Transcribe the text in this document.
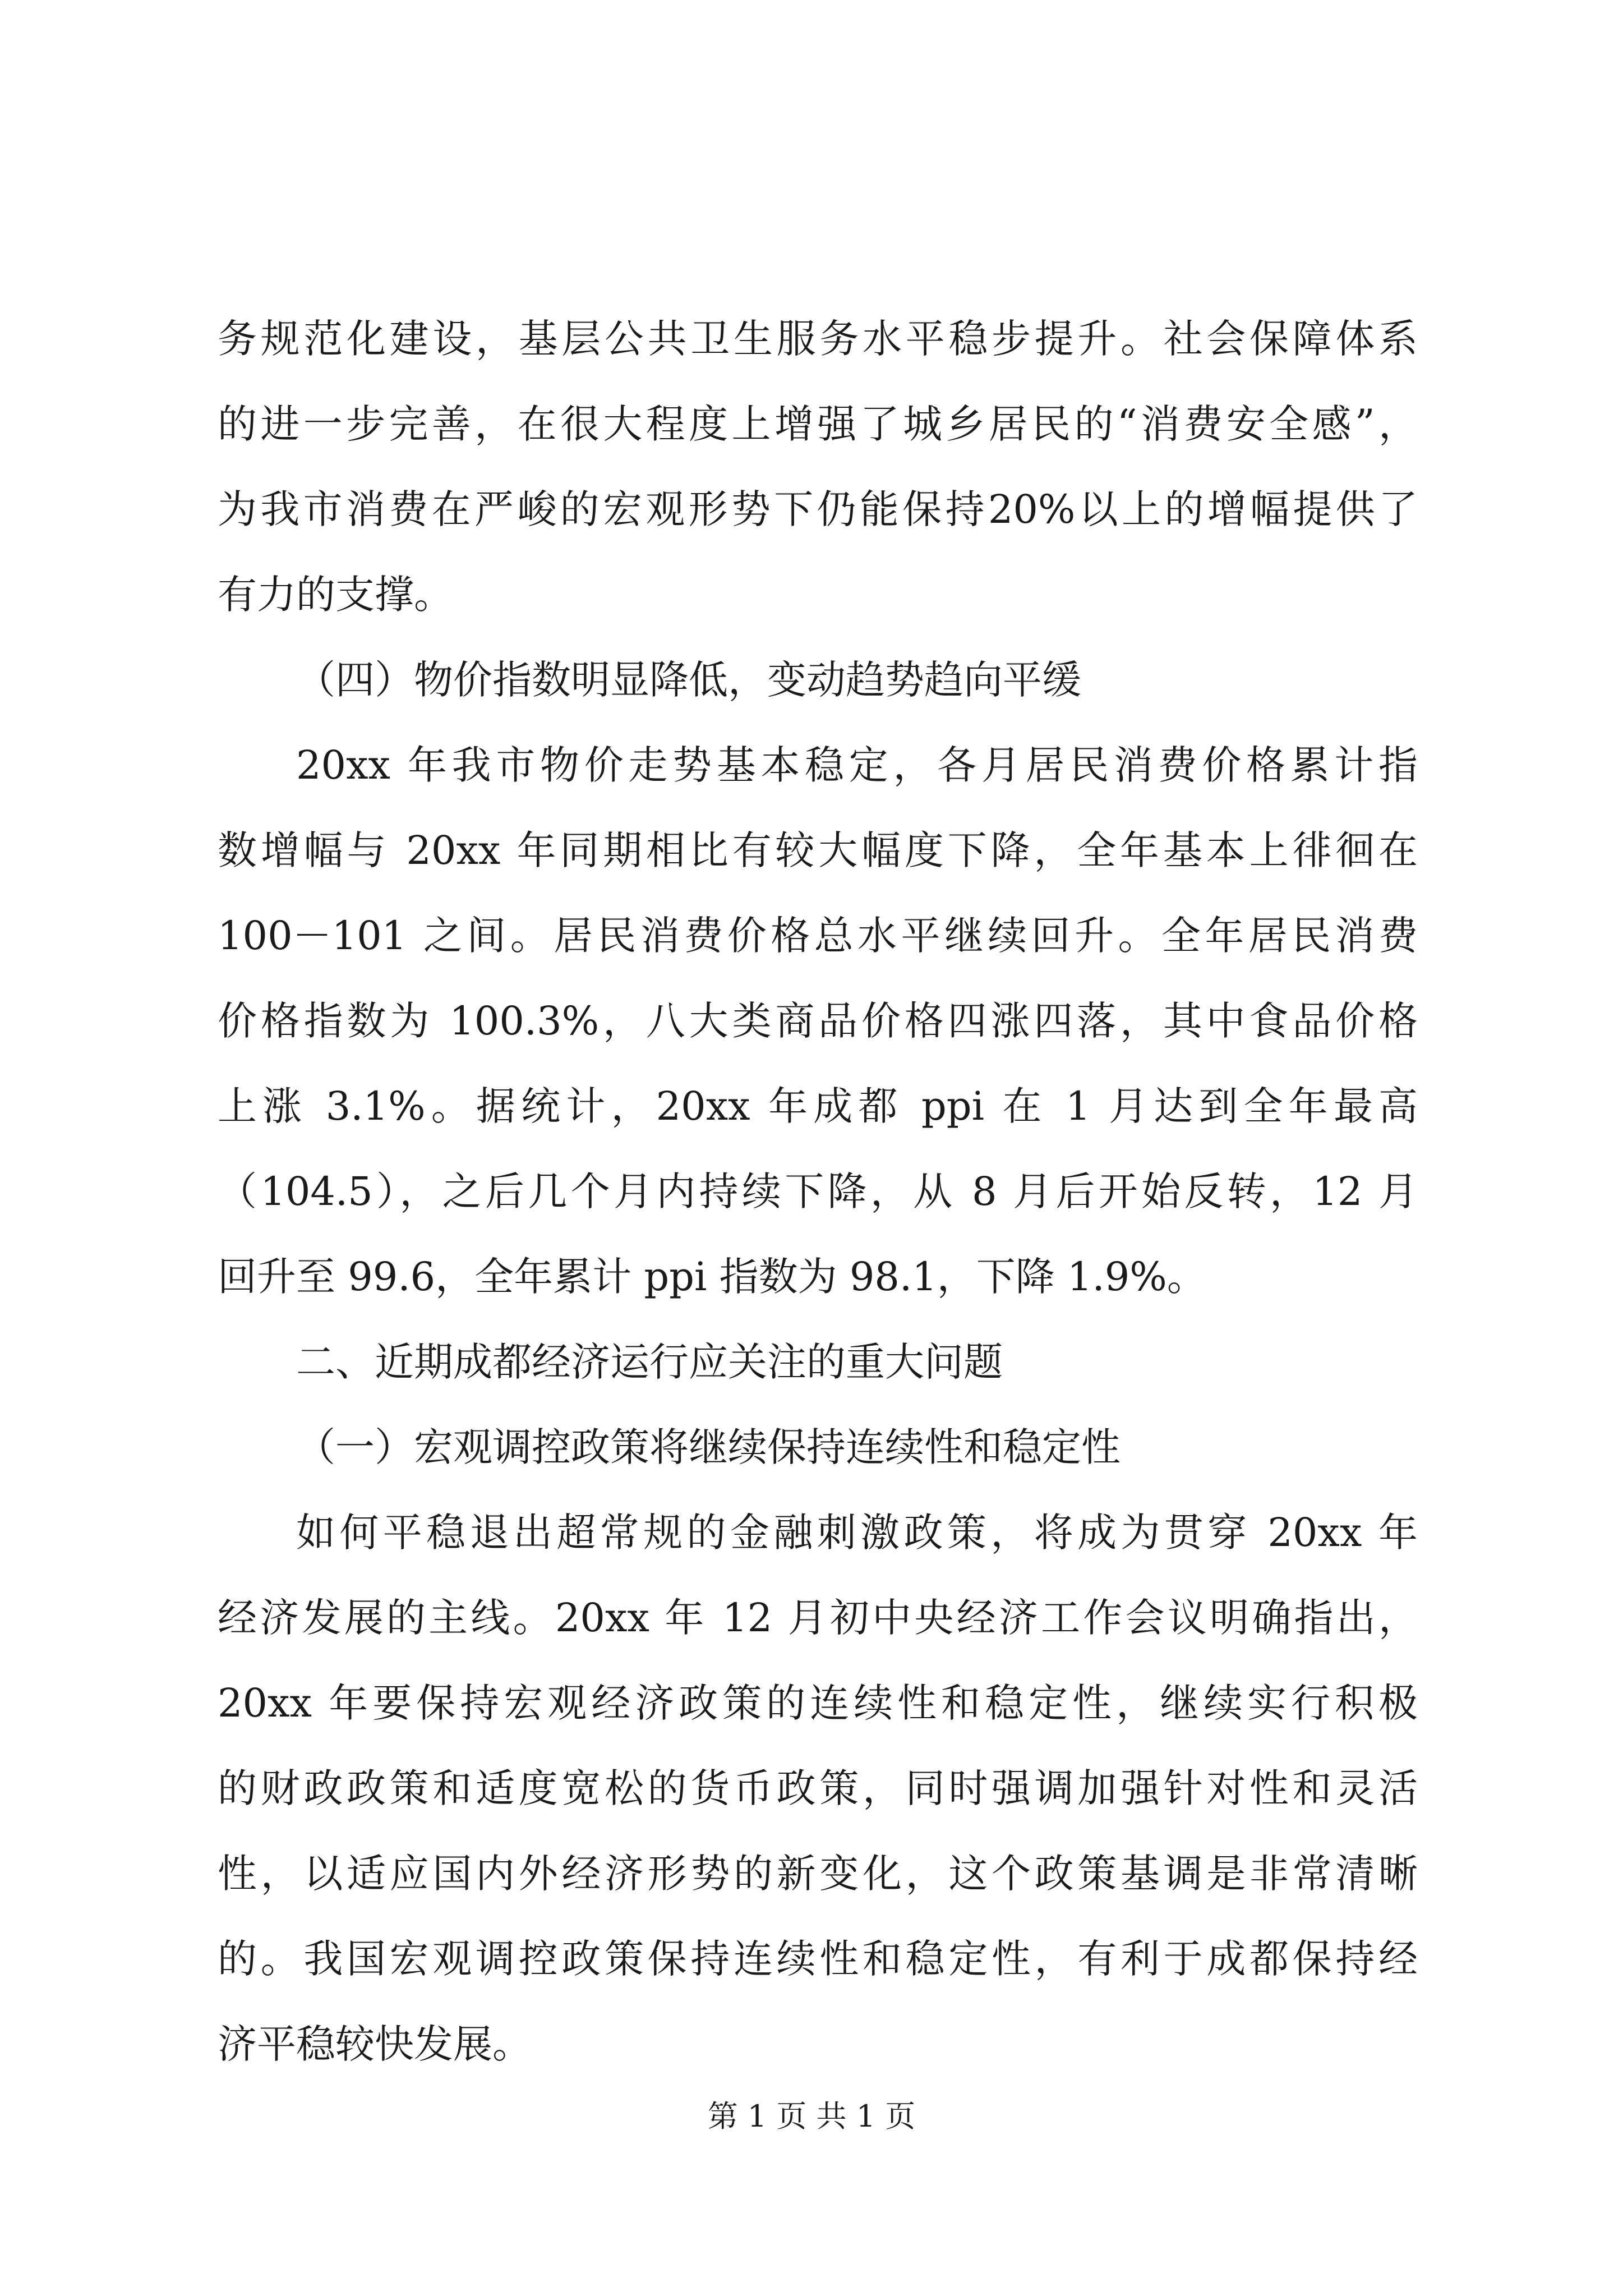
务规范化建设，基层公共卫生服务水平稳步提升。社会保障体系
的进一步完善，在很大程度上增强了城乡居民的“消费安全感”，
为我市消费在严峻的宏观形势下仍能保持20%以上的增幅提供了
有力的支撑。
（四）物价指数明显降低，变动趋势趋向平缓
20xx 年我市物价走势基本稳定，各月居民消费价格累计指
数增幅与 20xx 年同期相比有较大幅度下降，全年基本上徘徊在
100－101 之间。居民消费价格总水平继续回升。全年居民消费
价格指数为 100.3%，八大类商品价格四涨四落，其中食品价格
上涨 3.1%。据统计，20xx 年成都 ppi 在 1 月达到全年最高
（104.5），之后几个月内持续下降，从 8 月后开始反转，12 月
回升至 99.6，全年累计 ppi 指数为 98.1，下降 1.9%。
二、近期成都经济运行应关注的重大问题
（一）宏观调控政策将继续保持连续性和稳定性
如何平稳退出超常规的金融刺激政策，将成为贯穿 20xx 年
经济发展的主线。20xx 年 12 月初中央经济工作会议明确指出，
20xx 年要保持宏观经济政策的连续性和稳定性，继续实行积极
的财政政策和适度宽松的货币政策，同时强调加强针对性和灵活
性，以适应国内外经济形势的新变化，这个政策基调是非常清晰
的。我国宏观调控政策保持连续性和稳定性，有利于成都保持经
济平稳较快发展。
第 1 页 共 1 页
